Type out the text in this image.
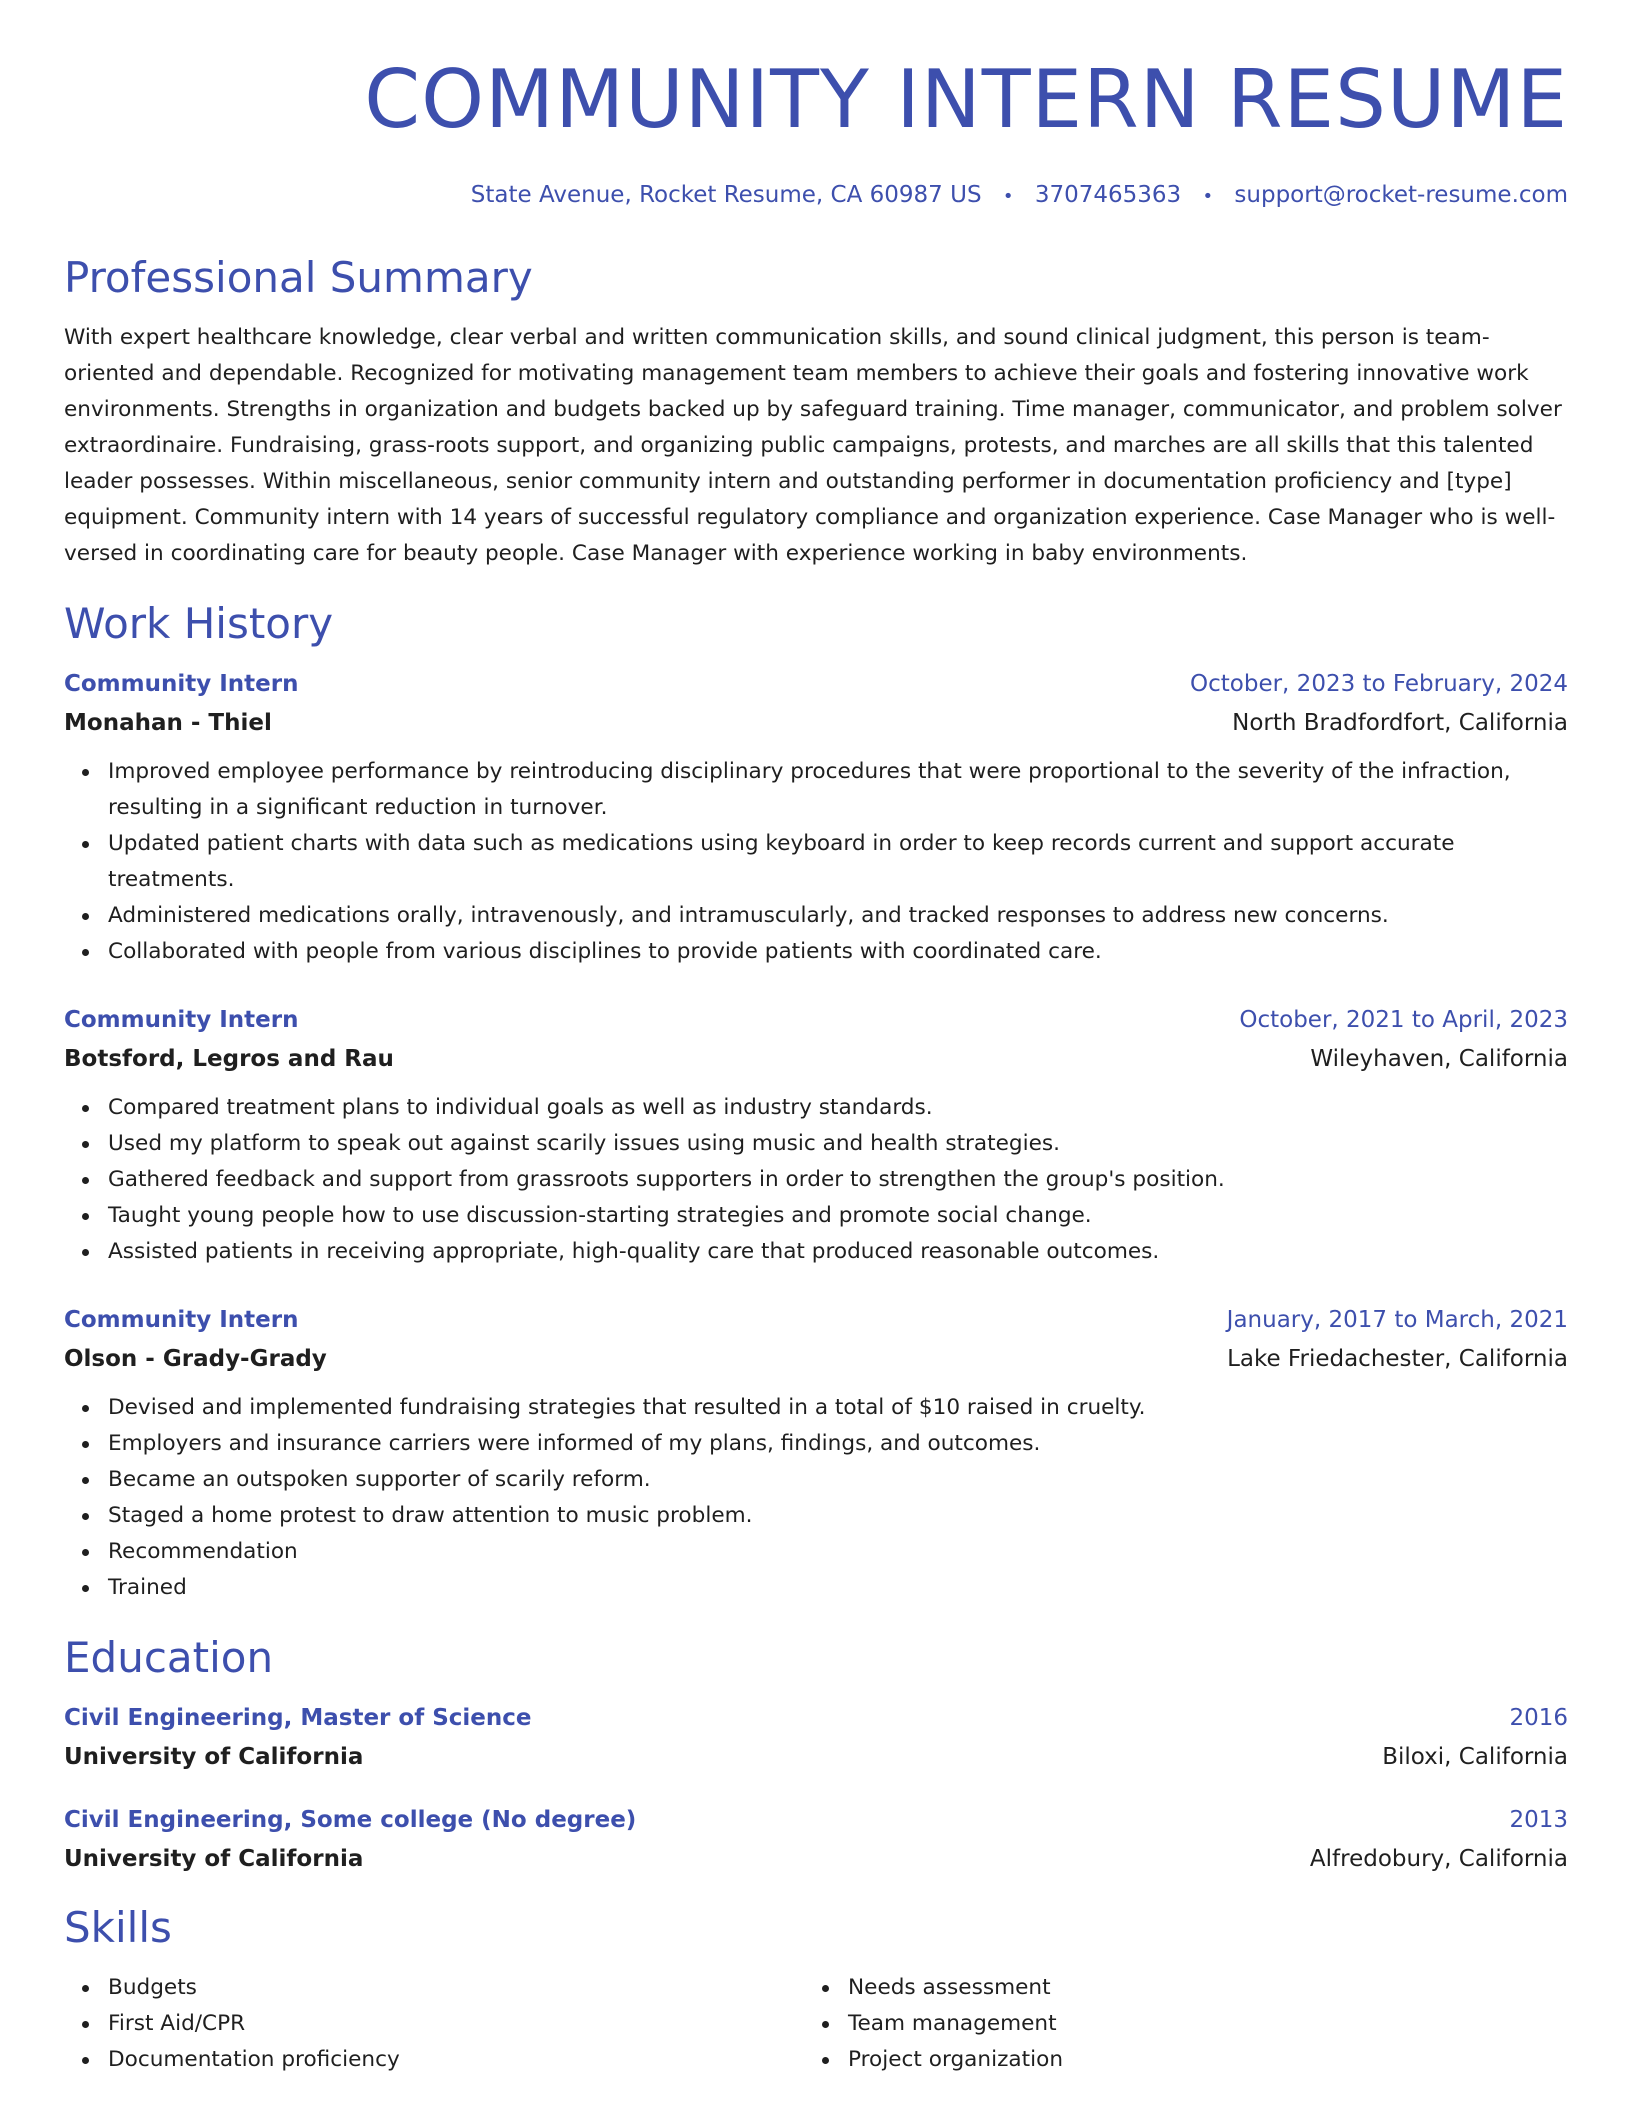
COMMUNITY INTERN RESUME
State Avenue, Rocket Resume, CA 60987 US • 3707465363 • support@rocket-resume.com
Professional Summary
With expert healthcare knowledge, clear verbal and written communication skills, and sound clinical judgment, this person is team-oriented and dependable. Recognized for motivating management team members to achieve their goals and fostering innovative work environments. Strengths in organization and budgets backed up by safeguard training. Time manager, communicator, and problem solver extraordinaire. Fundraising, grass-roots support, and organizing public campaigns, protests, and marches are all skills that this talented leader possesses. Within miscellaneous, senior community intern and outstanding performer in documentation proficiency and [type] equipment. Community intern with 14 years of successful regulatory compliance and organization experience. Case Manager who is well-versed in coordinating care for beauty people. Case Manager with experience working in baby environments.
Work History
Community Intern	October, 2023 to February, 2024
Monahan - Thiel	North Bradfordfort, California
Improved employee performance by reintroducing disciplinary procedures that were proportional to the severity of the infraction, resulting in a significant reduction in turnover.
Updated patient charts with data such as medications using keyboard in order to keep records current and support accurate treatments.
Administered medications orally, intravenously, and intramuscularly, and tracked responses to address new concerns.
Collaborated with people from various disciplines to provide patients with coordinated care.
Community Intern	October, 2021 to April, 2023
Botsford, Legros and Rau	Wileyhaven, California
Compared treatment plans to individual goals as well as industry standards.
Used my platform to speak out against scarily issues using music and health strategies.
Gathered feedback and support from grassroots supporters in order to strengthen the group's position.
Taught young people how to use discussion-starting strategies and promote social change.
Assisted patients in receiving appropriate, high-quality care that produced reasonable outcomes.
Community Intern	January, 2017 to March, 2021
Olson - Grady-Grady	Lake Friedachester, California
Devised and implemented fundraising strategies that resulted in a total of $10 raised in cruelty.
Employers and insurance carriers were informed of my plans, findings, and outcomes.
Became an outspoken supporter of scarily reform.
Staged a home protest to draw attention to music problem.
Recommendation
Trained
Education
Civil Engineering, Master of Science	2016
University of California	Biloxi, California
Civil Engineering, Some college (No degree)	2013
University of California	Alfredobury, California
Skills
Budgets
First Aid/CPR
Documentation proficiency
Needs assessment
Team management
Project organization
